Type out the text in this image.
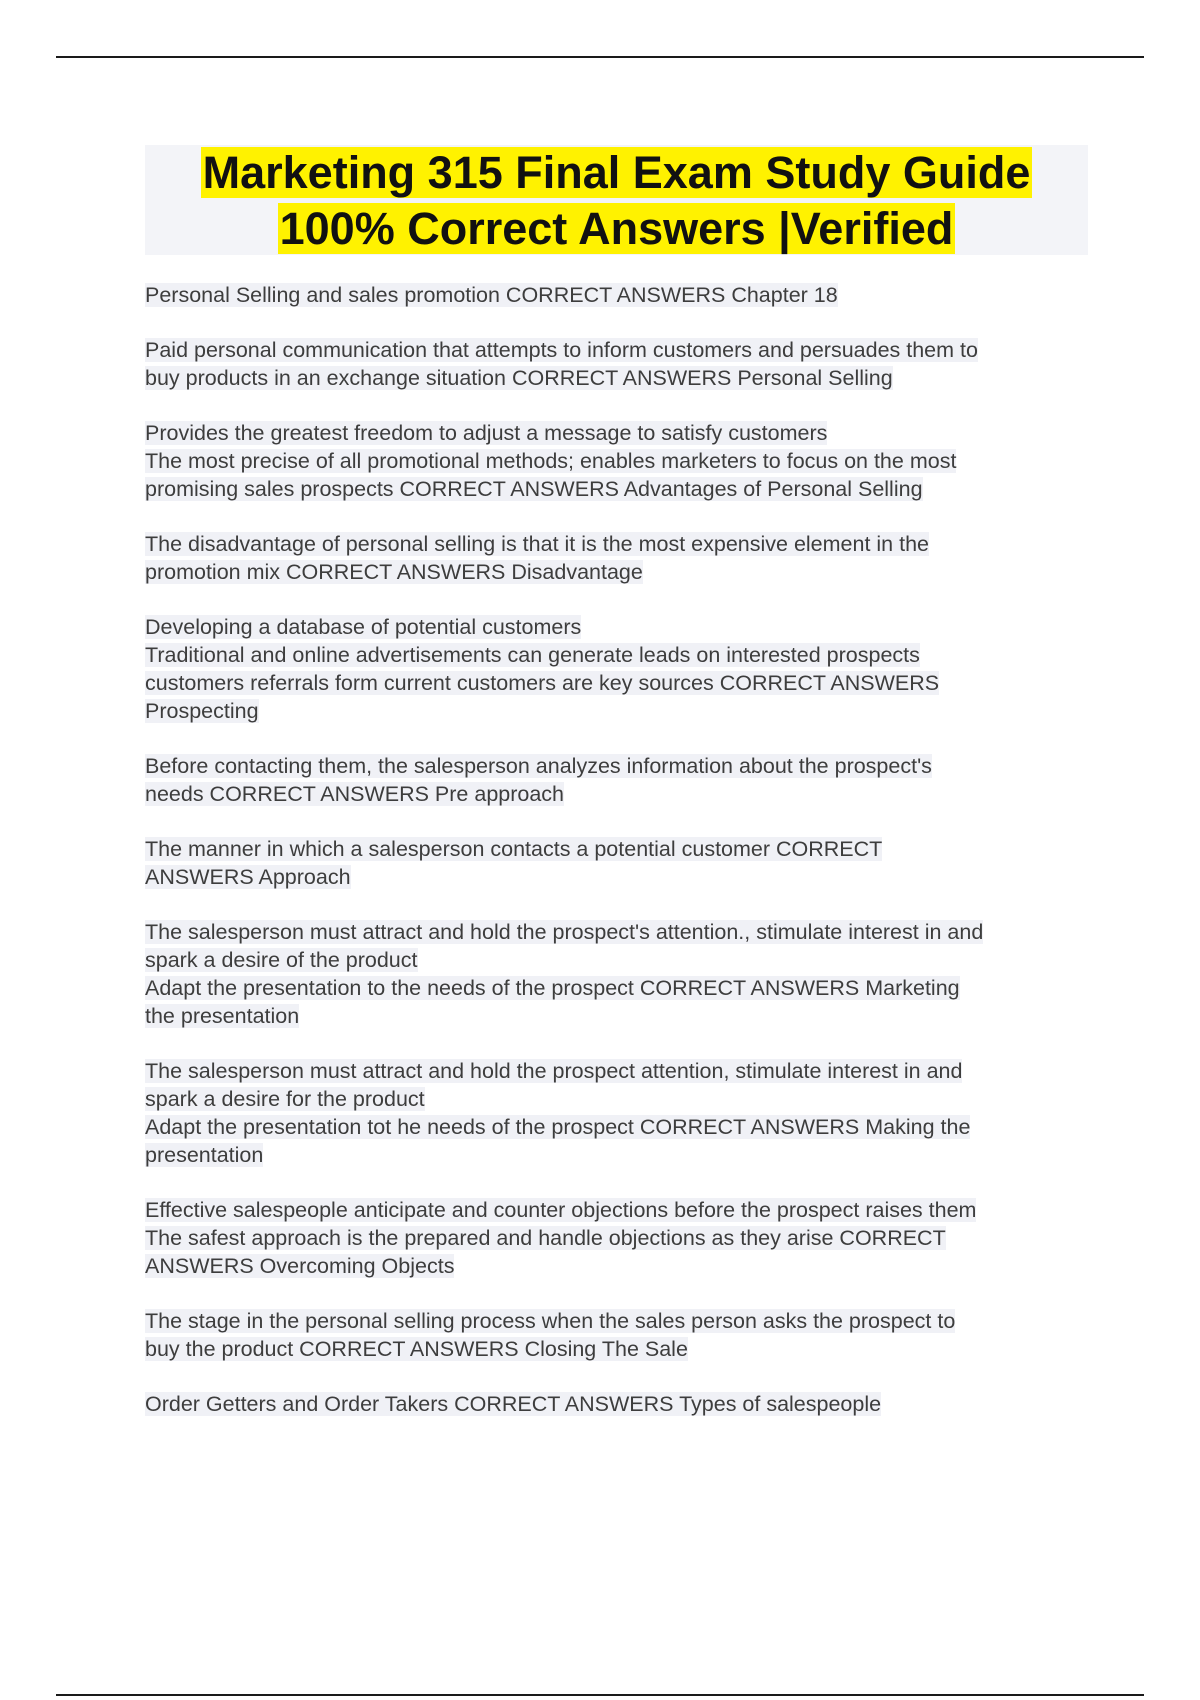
Marketing 315 Final Exam Study Guide
100% Correct Answers |Verified
Personal Selling and sales promotion CORRECT ANSWERS Chapter 18
Paid personal communication that attempts to inform customers and persuades them to
buy products in an exchange situation CORRECT ANSWERS Personal Selling
Provides the greatest freedom to adjust a message to satisfy customers
The most precise of all promotional methods; enables marketers to focus on the most
promising sales prospects CORRECT ANSWERS Advantages of Personal Selling
The disadvantage of personal selling is that it is the most expensive element in the
promotion mix CORRECT ANSWERS Disadvantage
Developing a database of potential customers
Traditional and online advertisements can generate leads on interested prospects
customers referrals form current customers are key sources CORRECT ANSWERS
Prospecting
Before contacting them, the salesperson analyzes information about the prospect's
needs CORRECT ANSWERS Pre approach
The manner in which a salesperson contacts a potential customer CORRECT
ANSWERS Approach
The salesperson must attract and hold the prospect's attention., stimulate interest in and
spark a desire of the product
Adapt the presentation to the needs of the prospect CORRECT ANSWERS Marketing
the presentation
The salesperson must attract and hold the prospect attention, stimulate interest in and
spark a desire for the product
Adapt the presentation tot he needs of the prospect CORRECT ANSWERS Making the
presentation
Effective salespeople anticipate and counter objections before the prospect raises them
The safest approach is the prepared and handle objections as they arise CORRECT
ANSWERS Overcoming Objects
The stage in the personal selling process when the sales person asks the prospect to
buy the product CORRECT ANSWERS Closing The Sale
Order Getters and Order Takers CORRECT ANSWERS Types of salespeople
